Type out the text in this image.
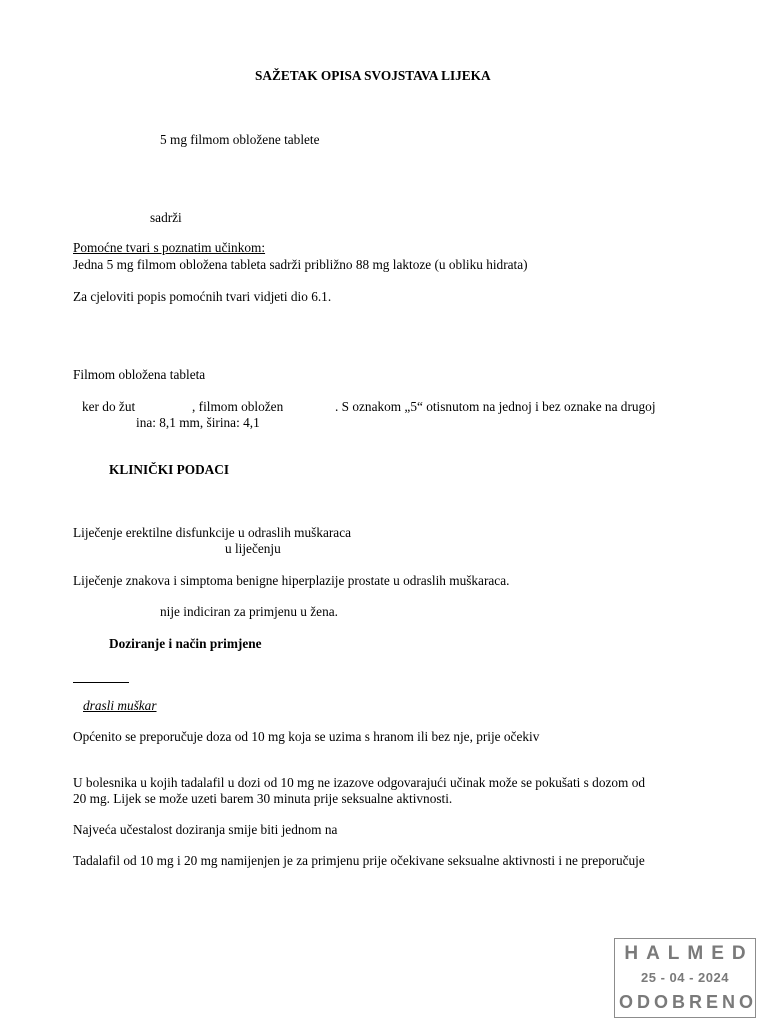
SAŽETAK OPISA SVOJSTAVA LIJEKA
5 mg filmom obložene tablete
sadrži
Pomoćne tvari s poznatim učinkom:
Jedna 5 mg filmom obložena tableta sadrži približno 88 mg laktoze (u obliku hidrata)
Za cjeloviti popis pomoćnih tvari vidjeti dio 6.1.
Filmom obložena tableta
ker do žut	, filmom obložen	. S oznakom „5“ otisnutom na jednoj i bez oznake na drugoj
ina: 8,1 mm, širina: 4,1
KLINIČKI PODACI
Liječenje erektilne disfunkcije u odraslih muškaraca
u liječenju
Liječenje znakova i simptoma benigne hiperplazije prostate u odraslih muškaraca.
nije indiciran za primjenu u žena.
Doziranje i način primjene
drasli muškar
Općenito se preporučuje doza od 10 mg koja se uzima s hranom ili bez nje, prije očekiv
U bolesnika u kojih tadalafil u dozi od 10 mg ne izazove odgovarajući učinak može se pokušati s dozom od
20 mg. Lijek se može uzeti barem 30 minuta prije seksualne aktivnosti.
Najveća učestalost doziranja smije biti jednom na
Tadalafil od 10 mg i 20 mg namijenjen je za primjenu prije očekivane seksualne aktivnosti i ne preporučuje
HALMED
25 - 04 - 2024
ODOBRENO
